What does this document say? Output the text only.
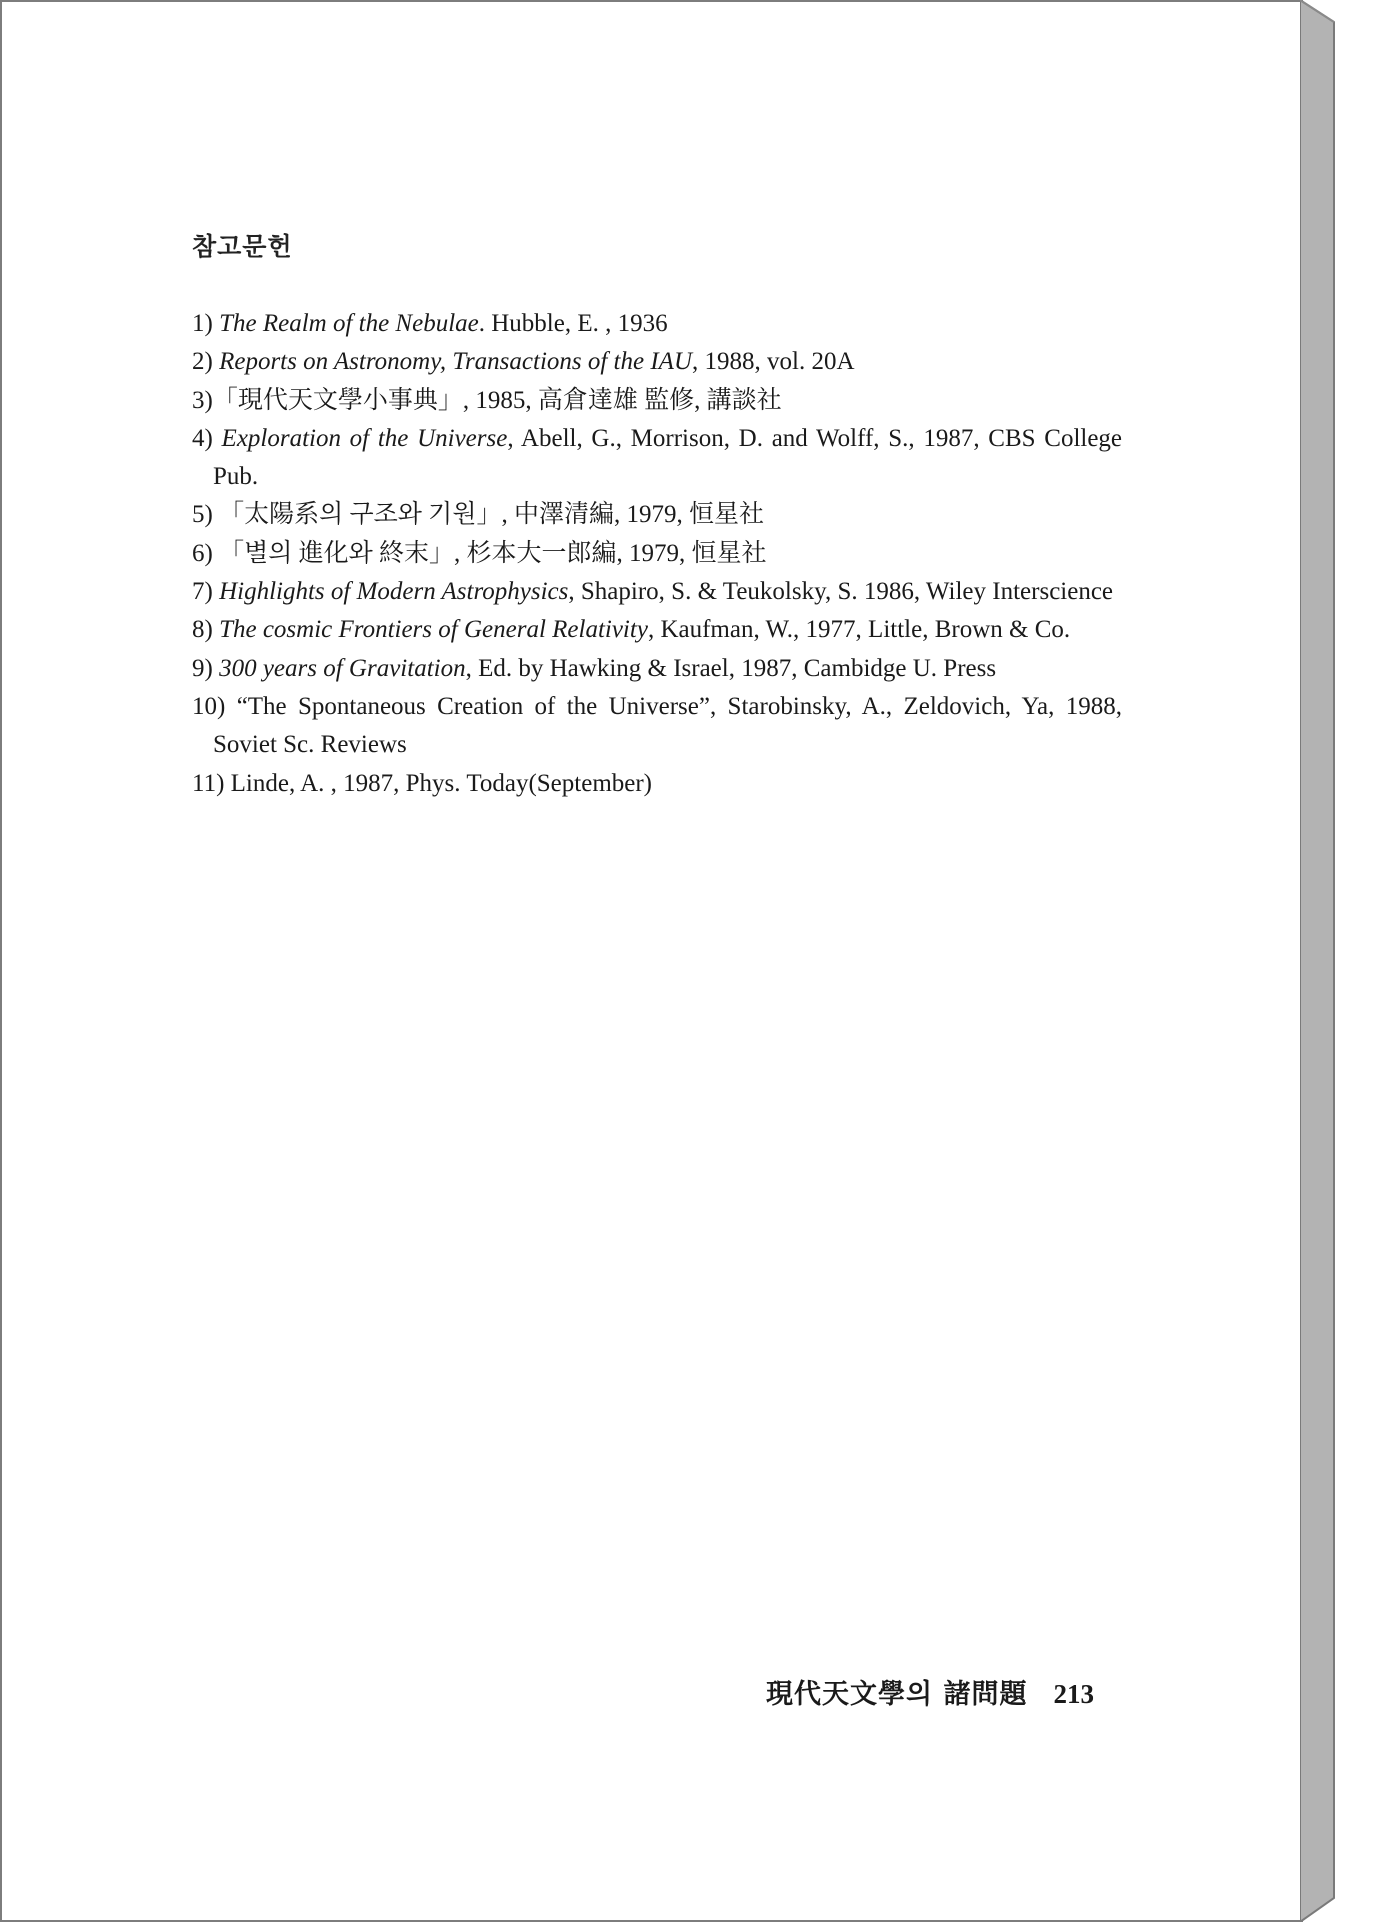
참고문헌
1) The Realm of the Nebulae. Hubble, E. , 1936
2) Reports on Astronomy, Transactions of the IAU, 1988, vol. 20A
3)「現代天文學小事典」, 1985, 高倉達雄 監修, 講談社
4) Exploration of the Universe, Abell, G., Morrison, D. and Wolff, S., 1987, CBS College Pub.
5) 「太陽系의 구조와 기원」, 中澤清編, 1979, 恒星社
6) 「별의 進化와 終末」, 杉本大一郎編, 1979, 恒星社
7) Highlights of Modern Astrophysics, Shapiro, S. & Teukolsky, S. 1986, Wiley Interscience
8) The cosmic Frontiers of General Relativity, Kaufman, W., 1977, Little, Brown & Co.
9) 300 years of Gravitation, Ed. by Hawking & Israel, 1987, Cambidge U. Press
10) “The Spontaneous Creation of the Universe”, Starobinsky, A., Zeldovich, Ya, 1988, Soviet Sc. Reviews
11) Linde, A. , 1987, Phys. Today(September)
現代天文學의 諸問題 213
